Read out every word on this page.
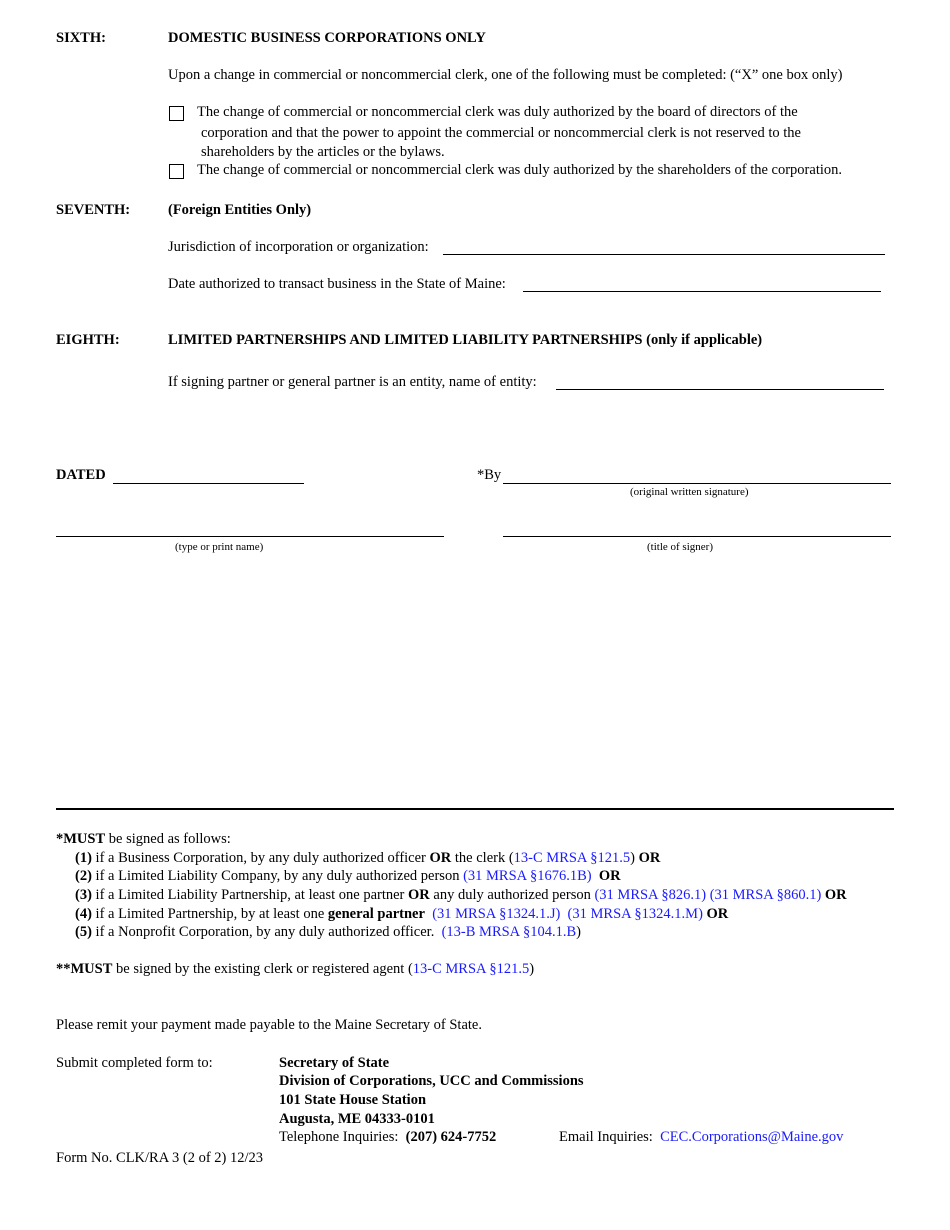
SIXTH:	DOMESTIC BUSINESS CORPORATIONS ONLY
Upon a change in commercial or noncommercial clerk, one of the following must be completed: (“X” one box only)
The change of commercial or noncommercial clerk was duly authorized by the board of directors of the
corporation and that the power to appoint the commercial or noncommercial clerk is not reserved to the
shareholders by the articles or the bylaws.
The change of commercial or noncommercial clerk was duly authorized by the shareholders of the corporation.
SEVENTH:	(Foreign Entities Only)
Jurisdiction of incorporation or organization:
Date authorized to transact business in the State of Maine:
EIGHTH:	LIMITED PARTNERSHIPS AND LIMITED LIABILITY PARTNERSHIPS (only if applicable)
If signing partner or general partner is an entity, name of entity:
DATED	*By
(original written signature)
(type or print name)	(title of signer)
*MUST be signed as follows:
(1) if a Business Corporation, by any duly authorized officer OR the clerk (13-C MRSA §121.5) OR
(2) if a Limited Liability Company, by any duly authorized person (31 MRSA §1676.1B) OR
(3) if a Limited Liability Partnership, at least one partner OR any duly authorized person (31 MRSA §826.1) (31 MRSA §860.1) OR
(4) if a Limited Partnership, by at least one general partner (31 MRSA §1324.1.J) (31 MRSA §1324.1.M) OR
(5) if a Nonprofit Corporation, by any duly authorized officer.  (13-B MRSA §104.1.B)
**MUST be signed by the existing clerk or registered agent (13-C MRSA §121.5)
Please remit your payment made payable to the Maine Secretary of State.
Submit completed form to:	Secretary of State
Division of Corporations, UCC and Commissions
101 State House Station
Augusta, ME 04333-0101
Telephone Inquiries: (207) 624-7752	Email Inquiries: CEC.Corporations@Maine.gov
Form No. CLK/RA 3 (2 of 2) 12/23
